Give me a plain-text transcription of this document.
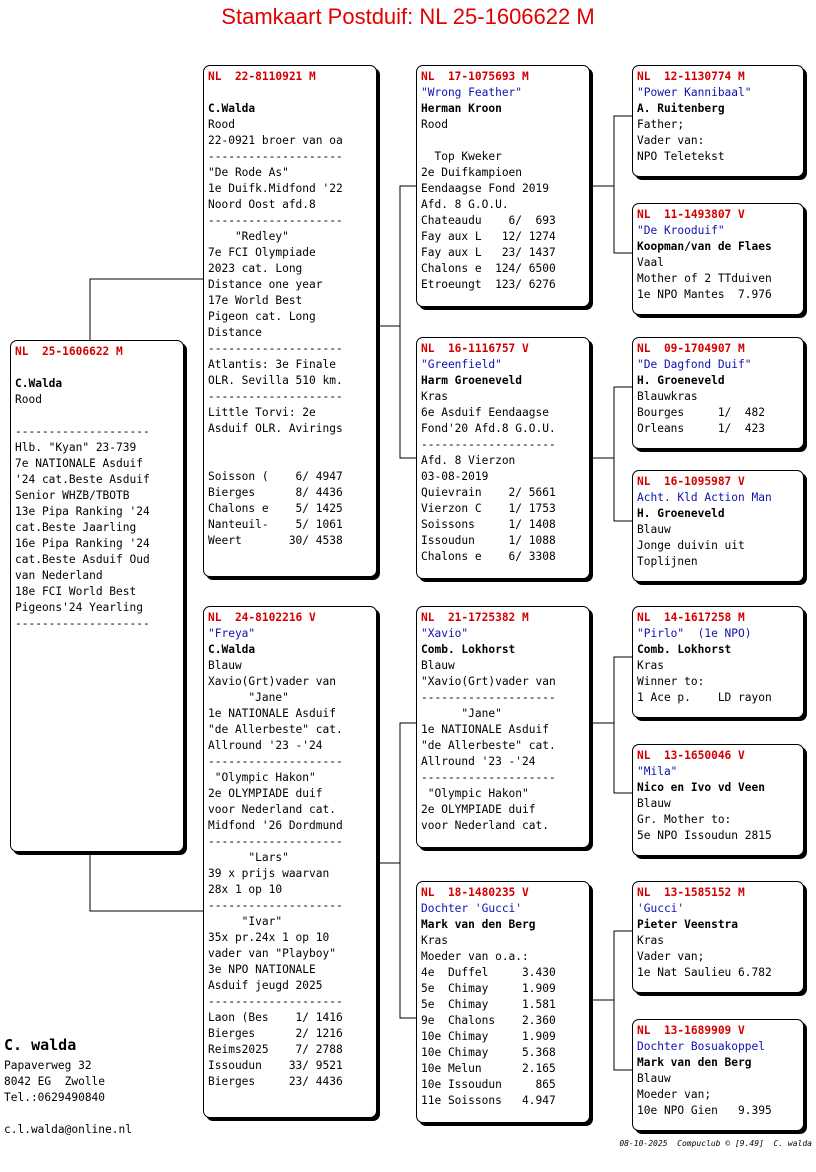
Stamkaart Postduif: NL 25-1606622 M
NL  25-1606622 M
C.Walda
Rood
--------------------
Hlb. "Kyan" 23-739
7e NATIONALE Asduif
'24 cat.Beste Asduif
Senior WHZB/TBOTB
13e Pipa Ranking '24
cat.Beste Jaarling
16e Pipa Ranking '24
cat.Beste Asduif Oud
van Nederland
18e FCI World Best
Pigeons'24 Yearling
--------------------
NL  22-8110921 M
C.Walda
Rood
22-0921 broer van oa
--------------------
"De Rode As"
1e Duifk.Midfond '22
Noord Oost afd.8
--------------------
"Redley"
7e FCI Olympiade
2023 cat. Long
Distance one year
17e World Best
Pigeon cat. Long
Distance
--------------------
Atlantis: 3e Finale
OLR. Sevilla 510 km.
--------------------
Little Torvi: 2e
Asduif OLR. Avirings
Soisson (    6/ 4947
Bierges      8/ 4436
Chalons e    5/ 1425
Nanteuil-    5/ 1061
Weert       30/ 4538
NL  24-8102216 V
"Freya"
C.Walda
Blauw
Xavio(Grt)vader van
"Jane"
1e NATIONALE Asduif
"de Allerbeste" cat.
Allround '23 -'24
--------------------
"Olympic Hakon"
2e OLYMPIADE duif
voor Nederland cat.
Midfond '26 Dordmund
--------------------
"Lars"
39 x prijs waarvan
28x 1 op 10
--------------------
"Ivar"
35x pr.24x 1 op 10
vader van "Playboy"
3e NPO NATIONALE
Asduif jeugd 2025
--------------------
Laon (Bes    1/ 1416
Bierges      2/ 1216
Reims2025    7/ 2788
Issoudun    33/ 9521
Bierges     23/ 4436
NL  17-1075693 M
"Wrong Feather"
Herman Kroon
Rood
Top Kweker
2e Duifkampioen
Eendaagse Fond 2019
Afd. 8 G.O.U.
Chateaudu    6/  693
Fay aux L   12/ 1274
Fay aux L   23/ 1437
Chalons e  124/ 6500
Etroeungt  123/ 6276
NL  16-1116757 V
"Greenfield"
Harm Groeneveld
Kras
6e Asduif Eendaagse
Fond'20 Afd.8 G.O.U.
--------------------
Afd. 8 Vierzon
03-08-2019
Quievrain    2/ 5661
Vierzon C    1/ 1753
Soissons     1/ 1408
Issoudun     1/ 1088
Chalons e    6/ 3308
NL  21-1725382 M
"Xavio"
Comb. Lokhorst
Blauw
"Xavio(Grt)vader van
--------------------
"Jane"
1e NATIONALE Asduif
"de Allerbeste" cat.
Allround '23 -'24
--------------------
"Olympic Hakon"
2e OLYMPIADE duif
voor Nederland cat.
NL  18-1480235 V
Dochter 'Gucci'
Mark van den Berg
Kras
Moeder van o.a.:
4e  Duffel     3.430
5e  Chimay     1.909
5e  Chimay     1.581
9e  Chalons    2.360
10e Chimay     1.909
10e Chimay     5.368
10e Melun      2.165
10e Issoudun     865
11e Soissons   4.947
NL  12-1130774 M
"Power Kannibaal"
A. Ruitenberg
Father;
Vader van:
NPO Teletekst
NL  11-1493807 V
"De Krooduif"
Koopman/van de Flaes
Vaal
Mother of 2 TTduiven
1e NPO Mantes  7.976
NL  09-1704907 M
"De Dagfond Duif"
H. Groeneveld
Blauwkras
Bourges     1/  482
Orleans     1/  423
NL  16-1095987 V
Acht. Kld Action Man
H. Groeneveld
Blauw
Jonge duivin uit
Toplijnen
NL  14-1617258 M
"Pirlo"  (1e NPO)
Comb. Lokhorst
Kras
Winner to:
1 Ace p.    LD rayon
NL  13-1650046 V
"Mila"
Nico en Ivo vd Veen
Blauw
Gr. Mother to:
5e NPO Issoudun 2815
NL  13-1585152 M
'Gucci'
Pieter Veenstra
Kras
Vader van;
1e Nat Saulieu 6.782
NL  13-1689909 V
Dochter Bosuakoppel
Mark van den Berg
Blauw
Moeder van;
10e NPO Gien   9.395
C. walda
Papaverweg 32
8042 EG  Zwolle
Tel.:0629490840
c.l.walda@online.nl
08-10-2025  Compuclub © [9.49]  C. walda
